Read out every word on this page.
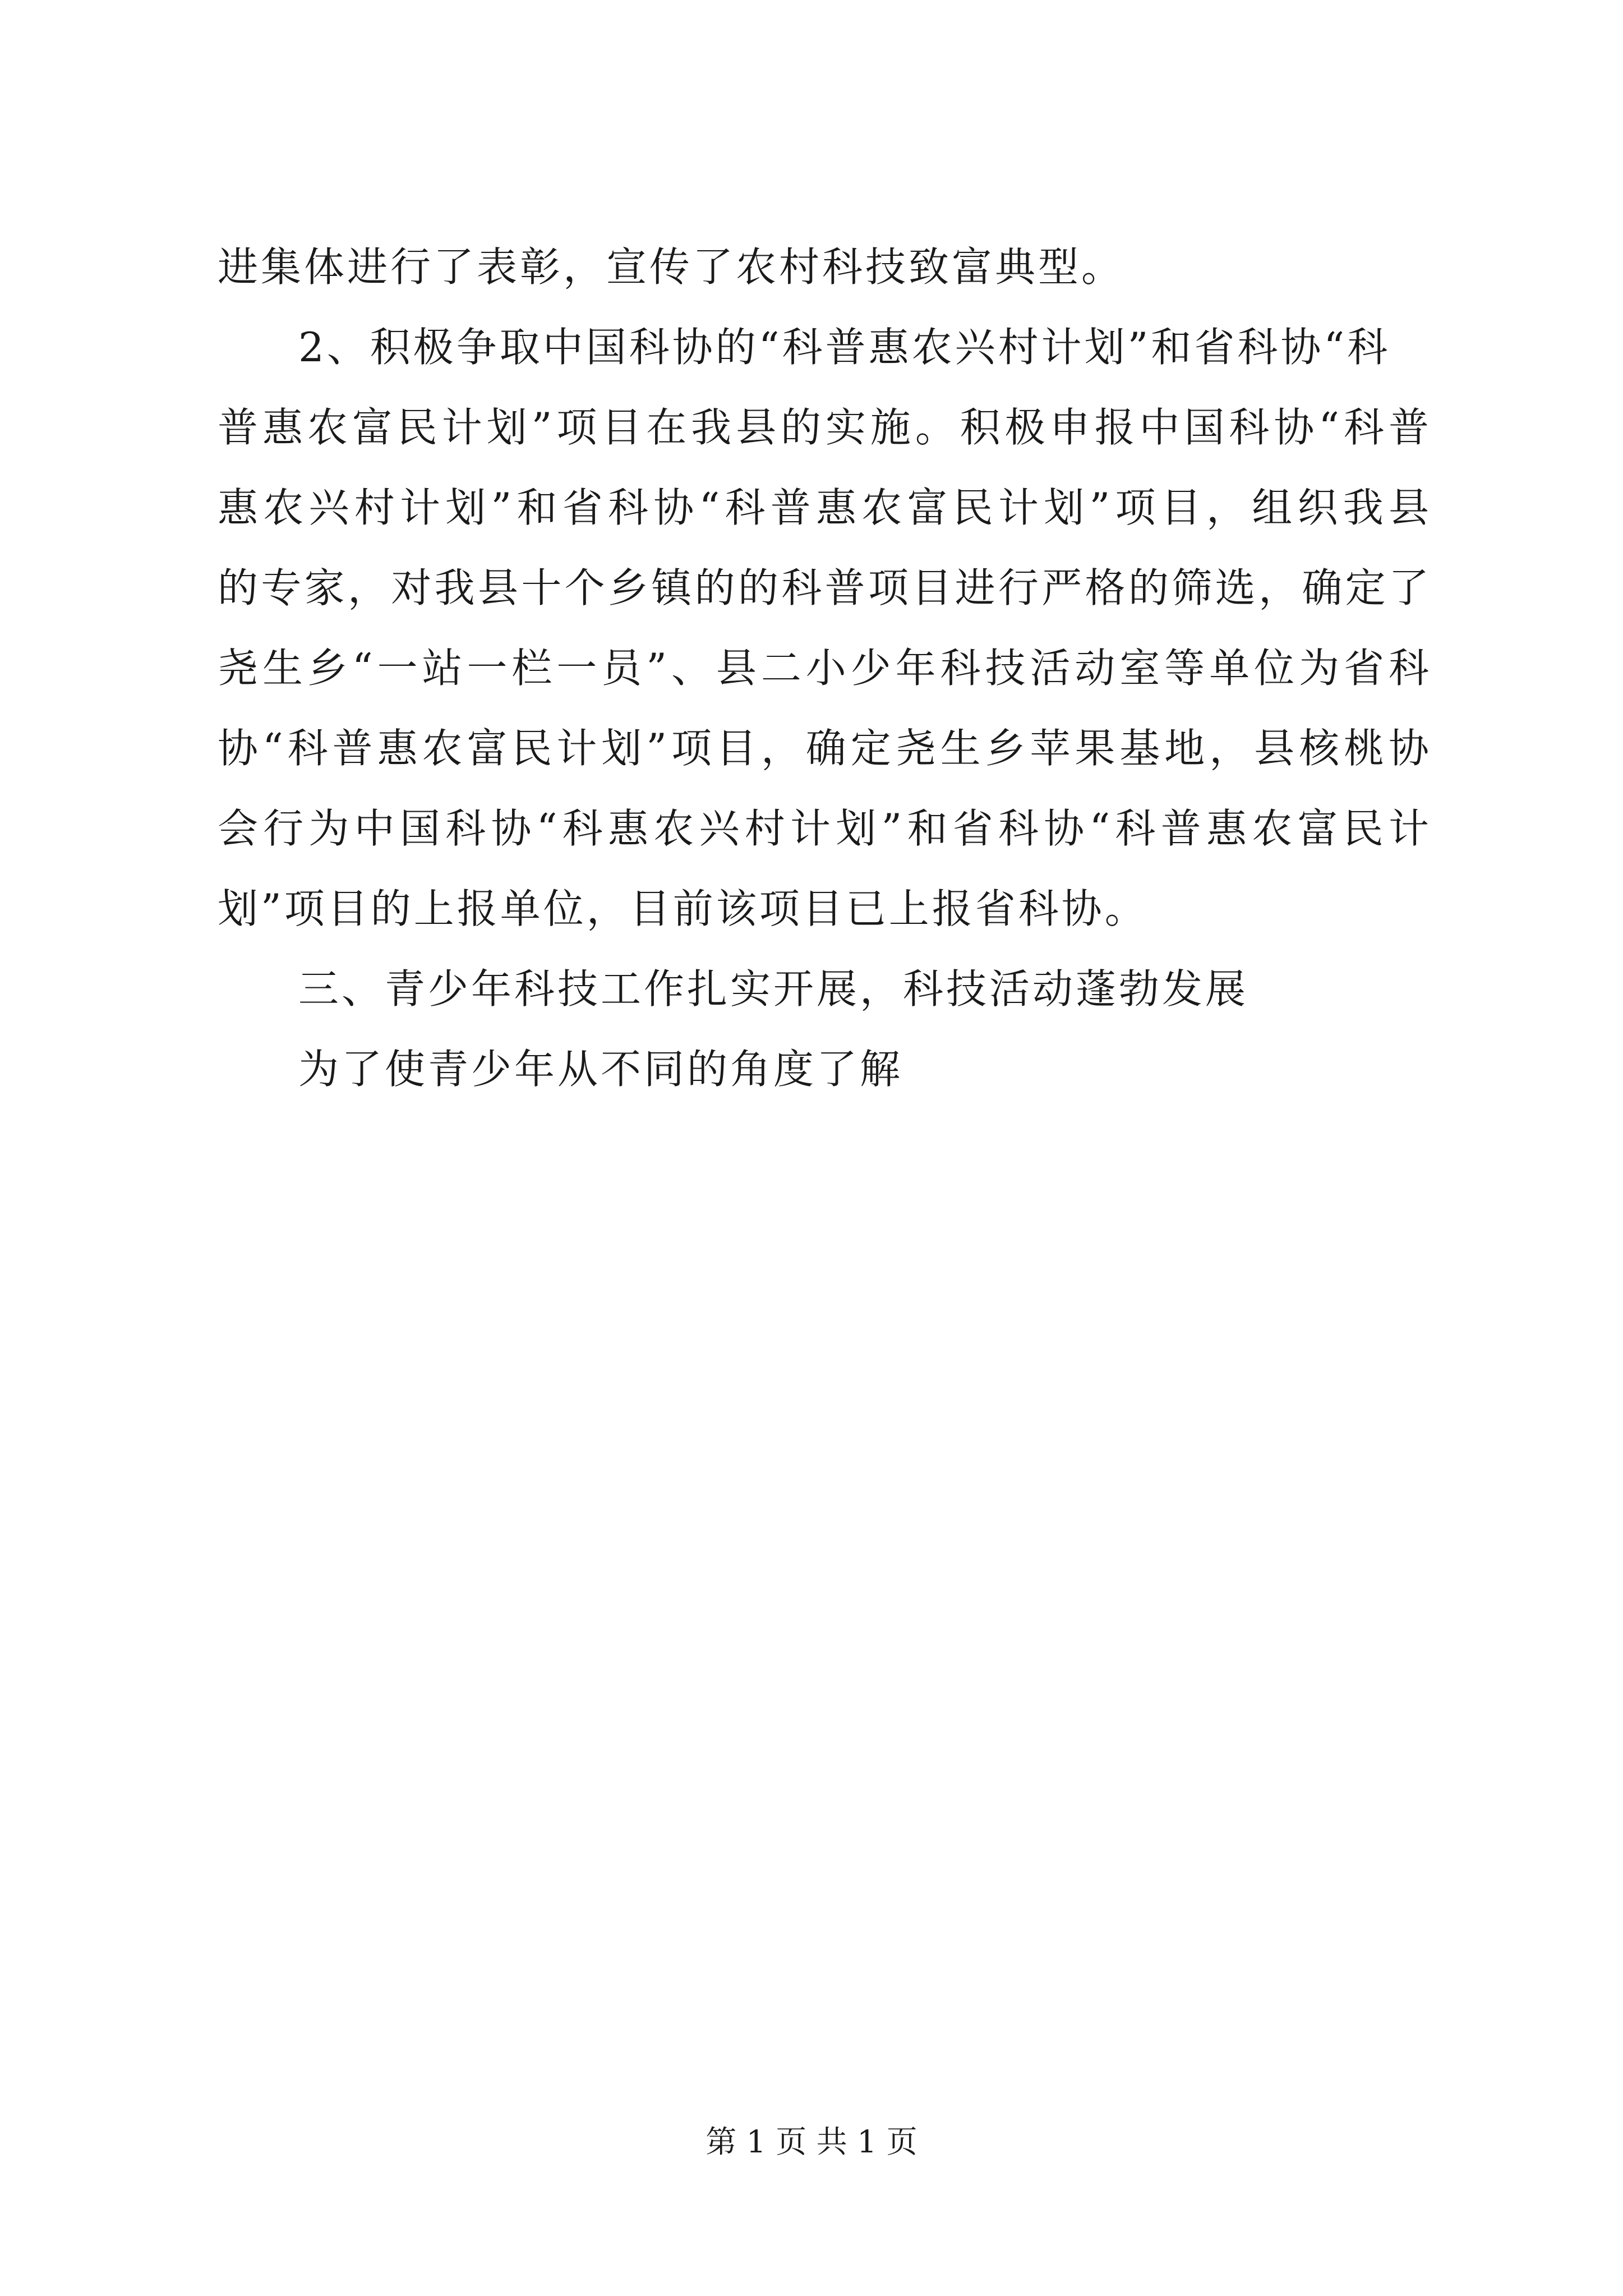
进集体进行了表彰，宣传了农村科技致富典型。
2、积极争取中国科协的“科普惠农兴村计划”和省科协“科
普惠农富民计划”项目在我县的实施。积极申报中国科协“科普
惠农兴村计划”和省科协“科普惠农富民计划”项目，组织我县
的专家，对我县十个乡镇的的科普项目进行严格的筛选，确定了
尧生乡“一站一栏一员”、县二小少年科技活动室等单位为省科
协“科普惠农富民计划”项目，确定尧生乡苹果基地，县核桃协
会行为中国科协“科惠农兴村计划”和省科协“科普惠农富民计
划”项目的上报单位，目前该项目已上报省科协。
三、青少年科技工作扎实开展，科技活动蓬勃发展
为了使青少年从不同的角度了解
第 1 页 共 1 页
